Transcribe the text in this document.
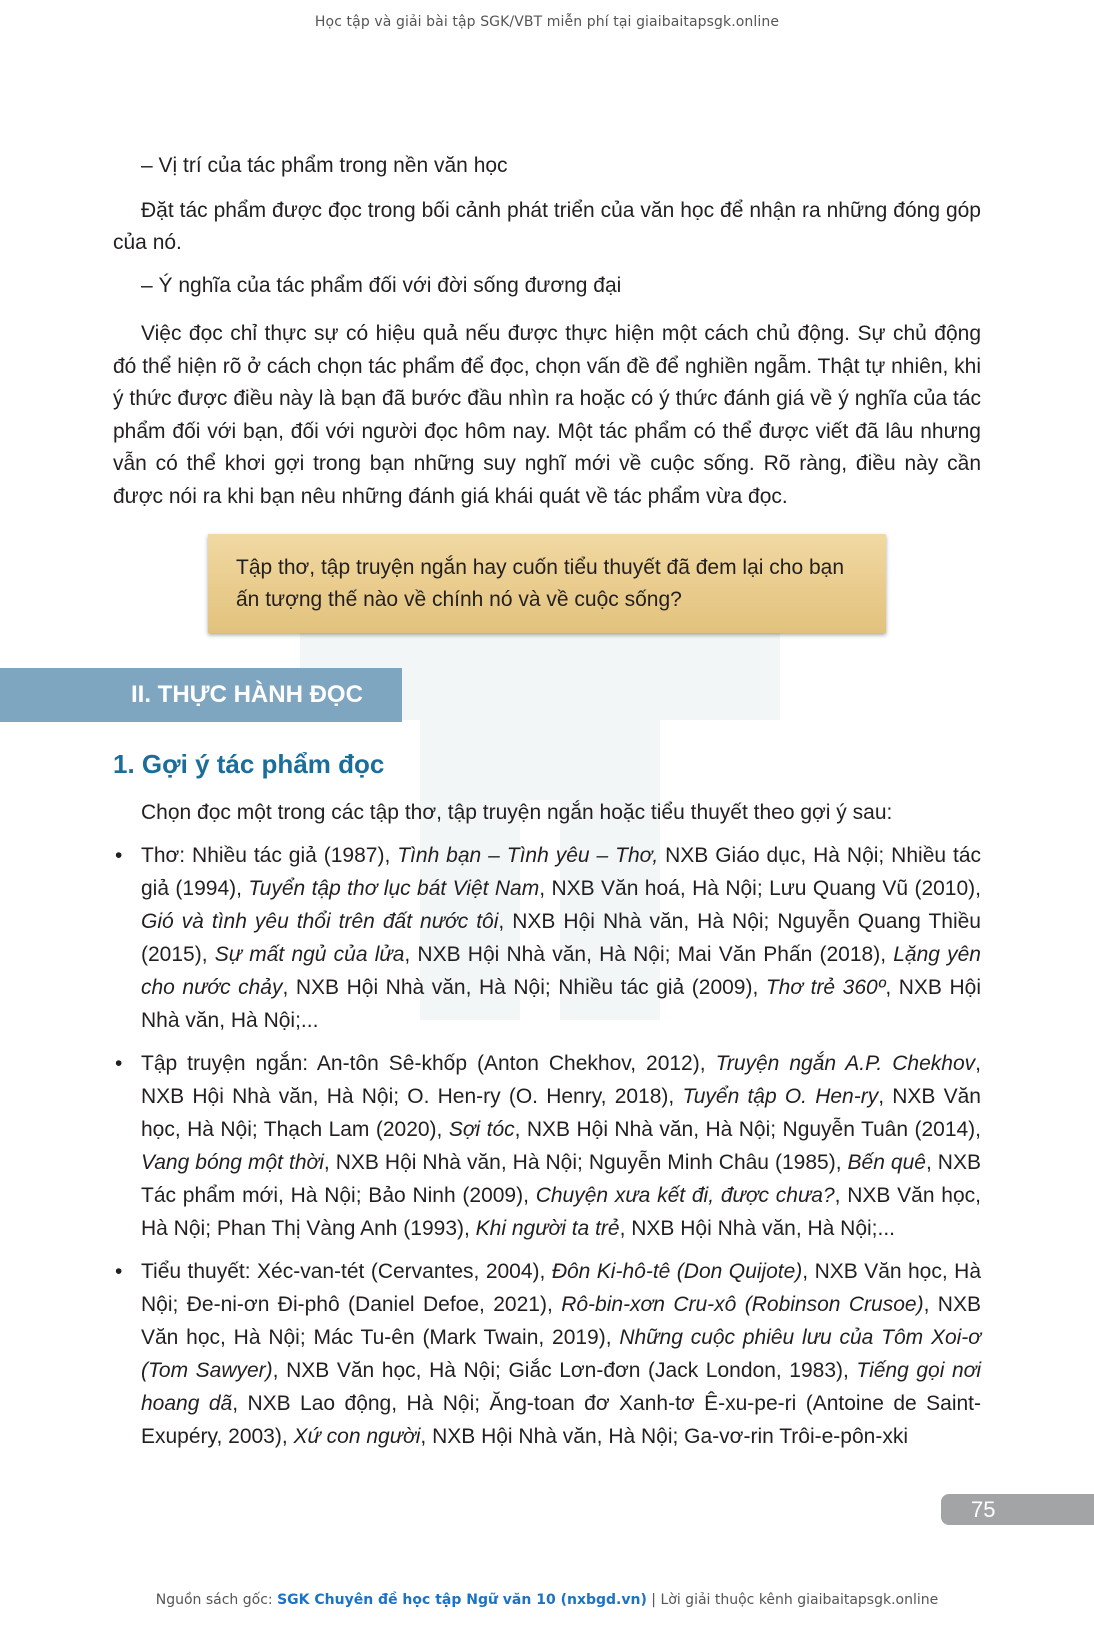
Học tập và giải bài tập SGK/VBT miễn phí tại giaibaitapsgk.online
– Vị trí của tác phẩm trong nền văn học
Đặt tác phẩm được đọc trong bối cảnh phát triển của văn học để nhận ra những đóng góp của nó.
– Ý nghĩa của tác phẩm đối với đời sống đương đại
Việc đọc chỉ thực sự có hiệu quả nếu được thực hiện một cách chủ động. Sự chủ động đó thể hiện rõ ở cách chọn tác phẩm để đọc, chọn vấn đề để nghiền ngẫm. Thật tự nhiên, khi ý thức được điều này là bạn đã bước đầu nhìn ra hoặc có ý thức đánh giá về ý nghĩa của tác phẩm đối với bạn, đối với người đọc hôm nay. Một tác phẩm có thể được viết đã lâu nhưng vẫn có thể khơi gợi trong bạn những suy nghĩ mới về cuộc sống. Rõ ràng, điều này cần được nói ra khi bạn nêu những đánh giá khái quát về tác phẩm vừa đọc.
Tập thơ, tập truyện ngắn hay cuốn tiểu thuyết đã đem lại cho bạn ấn tượng thế nào về chính nó và về cuộc sống?
II. THỰC HÀNH ĐỌC
1. Gợi ý tác phẩm đọc
Chọn đọc một trong các tập thơ, tập truyện ngắn hoặc tiểu thuyết theo gợi ý sau:
• Thơ: Nhiều tác giả (1987), Tình bạn – Tình yêu – Thơ, NXB Giáo dục, Hà Nội; Nhiều tác giả (1994), Tuyển tập thơ lục bát Việt Nam, NXB Văn hoá, Hà Nội; Lưu Quang Vũ (2010), Gió và tình yêu thổi trên đất nước tôi, NXB Hội Nhà văn, Hà Nội; Nguyễn Quang Thiều (2015), Sự mất ngủ của lửa, NXB Hội Nhà văn, Hà Nội; Mai Văn Phấn (2018), Lặng yên cho nước chảy, NXB Hội Nhà văn, Hà Nội; Nhiều tác giả (2009), Thơ trẻ 360º, NXB Hội Nhà văn, Hà Nội;...
• Tập truyện ngắn: An-tôn Sê-khốp (Anton Chekhov, 2012), Truyện ngắn A.P. Chekhov, NXB Hội Nhà văn, Hà Nội; O. Hen-ry (O. Henry, 2018), Tuyển tập O. Hen-ry, NXB Văn học, Hà Nội; Thạch Lam (2020), Sợi tóc, NXB Hội Nhà văn, Hà Nội; Nguyễn Tuân (2014), Vang bóng một thời, NXB Hội Nhà văn, Hà Nội; Nguyễn Minh Châu (1985), Bến quê, NXB Tác phẩm mới, Hà Nội; Bảo Ninh (2009), Chuyện xưa kết đi, được chưa?, NXB Văn học, Hà Nội; Phan Thị Vàng Anh (1993), Khi người ta trẻ, NXB Hội Nhà văn, Hà Nội;...
• Tiểu thuyết: Xéc-van-tét (Cervantes, 2004), Đôn Ki-hô-tê (Don Quijote), NXB Văn học, Hà Nội; Đe-ni-ơn Đi-phô (Daniel Defoe, 2021), Rô-bin-xơn Cru-xô (Robinson Crusoe), NXB Văn học, Hà Nội; Mác Tu-ên (Mark Twain, 2019), Những cuộc phiêu lưu của Tôm Xoi-ơ (Tom Sawyer), NXB Văn học, Hà Nội; Giắc Lơn-đơn (Jack London, 1983), Tiếng gọi nơi hoang dã, NXB Lao động, Hà Nội; Ăng-toan đơ Xanh-tơ Ê-xu-pe-ri (Antoine de Saint-Exupéry, 2003), Xứ con người, NXB Hội Nhà văn, Hà Nội; Ga-vơ-rin Trôi-e-pôn-xki
75
Nguồn sách gốc: SGK Chuyên đề học tập Ngữ văn 10 (nxbgd.vn) | Lời giải thuộc kênh giaibaitapsgk.online
